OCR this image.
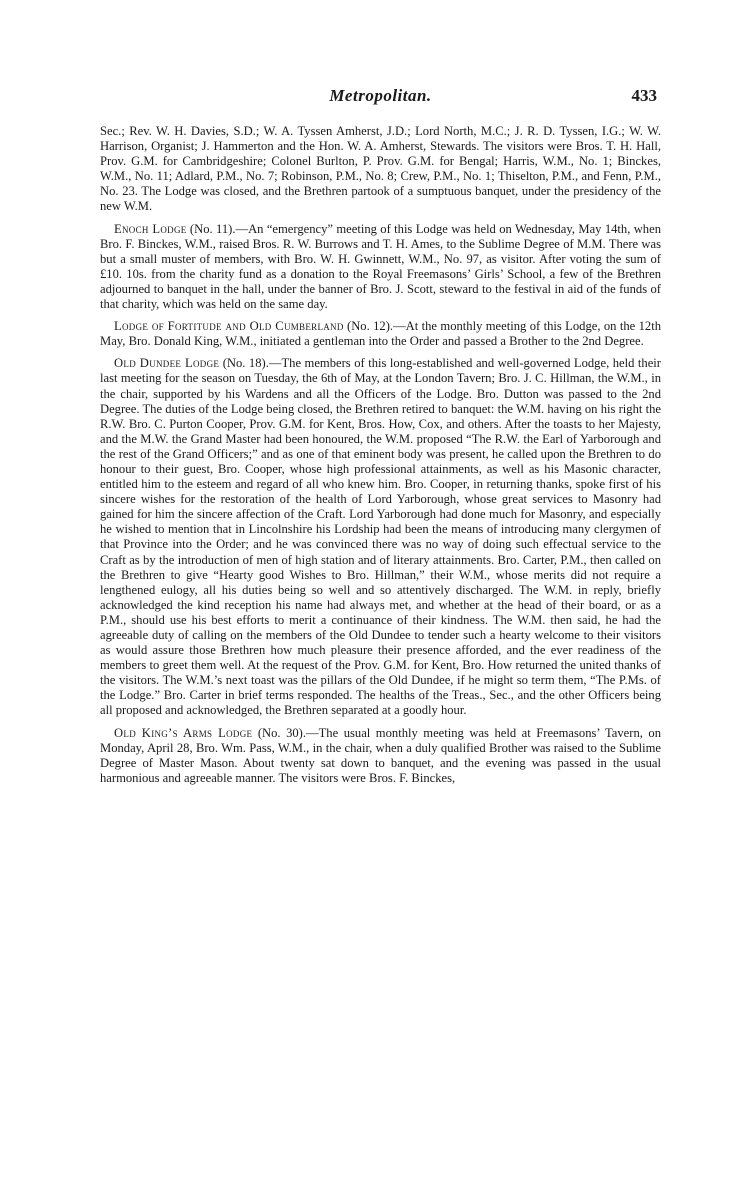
Metropolitan.	433

Sec.; Rev. W. H. Davies, S.D.; W. A. Tyssen Amherst, J.D.; Lord North, M.C.; J. R. D. Tyssen, I.G.; W. W. Harrison, Organist; J. Hammerton and the Hon. W. A. Amherst, Stewards. The visitors were Bros. T. H. Hall, Prov. G.M. for Cambridgeshire; Colonel Burlton, P. Prov. G.M. for Bengal; Harris, W.M., No. 1; Binckes, W.M., No. 11; Adlard, P.M., No. 7; Robinson, P.M., No. 8; Crew, P.M., No. 1; Thiselton, P.M., and Fenn, P.M., No. 23. The Lodge was closed, and the Brethren partook of a sumptuous banquet, under the presidency of the new W.M.

Enoch Lodge (No. 11).—An “emergency” meeting of this Lodge was held on Wednesday, May 14th, when Bro. F. Binckes, W.M., raised Bros. R. W. Burrows and T. H. Ames, to the Sublime Degree of M.M. There was but a small muster of members, with Bro. W. H. Gwinnett, W.M., No. 97, as visitor. After voting the sum of £10. 10s. from the charity fund as a donation to the Royal Freemasons’ Girls’ School, a few of the Brethren adjourned to banquet in the hall, under the banner of Bro. J. Scott, steward to the festival in aid of the funds of that charity, which was held on the same day.

Lodge of Fortitude and Old Cumberland (No. 12).—At the monthly meeting of this Lodge, on the 12th May, Bro. Donald King, W.M., initiated a gentleman into the Order and passed a Brother to the 2nd Degree.

Old Dundee Lodge (No. 18).—The members of this long-established and well-governed Lodge, held their last meeting for the season on Tuesday, the 6th of May, at the London Tavern; Bro. J. C. Hillman, the W.M., in the chair, supported by his Wardens and all the Officers of the Lodge. Bro. Dutton was passed to the 2nd Degree. The duties of the Lodge being closed, the Brethren retired to banquet: the W.M. having on his right the R.W. Bro. C. Purton Cooper, Prov. G.M. for Kent, Bros. How, Cox, and others. After the toasts to her Majesty, and the M.W. the Grand Master had been honoured, the W.M. proposed “The R.W. the Earl of Yarborough and the rest of the Grand Officers;” and as one of that eminent body was present, he called upon the Brethren to do honour to their guest, Bro. Cooper, whose high professional attainments, as well as his Masonic character, entitled him to the esteem and regard of all who knew him. Bro. Cooper, in returning thanks, spoke first of his sincere wishes for the restoration of the health of Lord Yarborough, whose great services to Masonry had gained for him the sincere affection of the Craft. Lord Yarborough had done much for Masonry, and especially he wished to mention that in Lincolnshire his Lordship had been the means of introducing many clergymen of that Province into the Order; and he was convinced there was no way of doing such effectual service to the Craft as by the introduction of men of high station and of literary attainments. Bro. Carter, P.M., then called on the Brethren to give “Hearty good Wishes to Bro. Hillman,” their W.M., whose merits did not require a lengthened eulogy, all his duties being so well and so attentively discharged. The W.M. in reply, briefly acknowledged the kind reception his name had always met, and whether at the head of their board, or as a P.M., should use his best efforts to merit a continuance of their kindness. The W.M. then said, he had the agreeable duty of calling on the members of the Old Dundee to tender such a hearty welcome to their visitors as would assure those Brethren how much pleasure their presence afforded, and the ever readiness of the members to greet them well. At the request of the Prov. G.M. for Kent, Bro. How returned the united thanks of the visitors. The W.M.’s next toast was the pillars of the Old Dundee, if he might so term them, “The P.Ms. of the Lodge.” Bro. Carter in brief terms responded. The healths of the Treas., Sec., and the other Officers being all proposed and acknowledged, the Brethren separated at a goodly hour.

Old King’s Arms Lodge (No. 30).—The usual monthly meeting was held at Freemasons’ Tavern, on Monday, April 28, Bro. Wm. Pass, W.M., in the chair, when a duly qualified Brother was raised to the Sublime Degree of Master Mason. About twenty sat down to banquet, and the evening was passed in the usual harmonious and agreeable manner. The visitors were Bros. F. Binckes,
